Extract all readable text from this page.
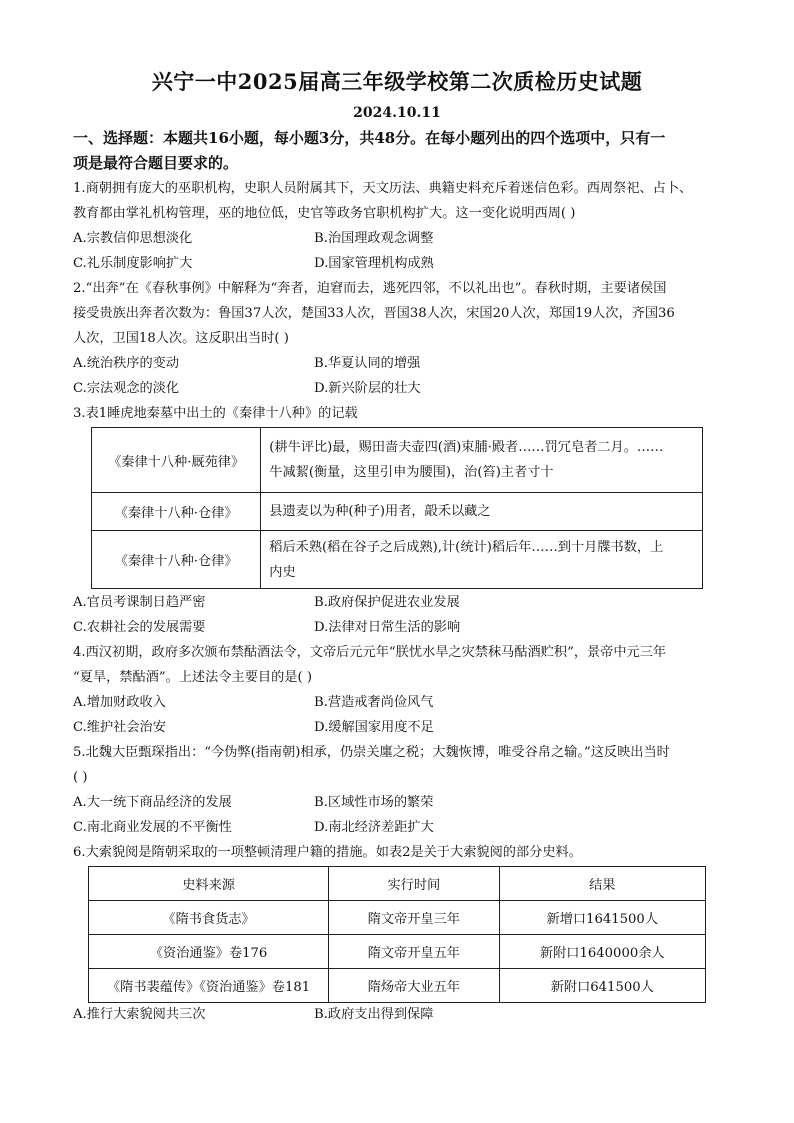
兴宁一中2025届高三年级学校第二次质检历史试题
2024.10.11
一、选择题：本题共16小题，每小题3分，共48分。在每小题列出的四个选项中，只有一
项是最符合题目要求的。
1.商朝拥有庞大的巫职机构，史职人员附属其下，天文历法、典籍史料充斥着迷信色彩。西周祭祀、占卜、
教育都由掌礼机构管理，巫的地位低，史官等政务官职机构扩大。这一变化说明西周( )
A.宗教信仰思想淡化	B.治国理政观念调整
C.礼乐制度影响扩大	D.国家管理机构成熟
2.“出奔”在《春秋事例》中解释为“奔者，迫窘而去，逃死四邻，不以礼出也”。春秋时期，主要诸侯国
接受贵族出奔者次数为：鲁国37人次，楚国33人次，晋国38人次，宋国20人次，郑国19人次，齐国36
人次，卫国18人次。这反职出当时( )
A.统治秩序的变动	B.华夏认同的增强
C.宗法观念的淡化	D.新兴阶层的壮大
3.表1睡虎地秦墓中出土的《秦律十八种》的记载
《秦律十八种·厩苑律》	(耕牛评比)最，赐田啬夫壶四(酒)束脯·殿者……罚冗皂者二月。……
牛减絜(衡量，这里引申为腰围)，治(笞)主者寸十

《秦律十八种·仓律》	县遗麦以为种(种子)用者，毃禾以藏之
《秦律十八种·仓律》	稻后禾熟(稻在谷子之后成熟),计(统计)稻后年……到十月牒书数，上
内史
A.官员考课制日趋严密	B.政府保护促进农业发展
C.农耕社会的发展需要	D.法律对日常生活的影响
4.西汉初期，政府多次颁布禁酤酒法令，文帝后元元年“朕忧水旱之灾禁秣马酤酒贮积”，景帝中元三年
“夏旱，禁酤酒”。上述法令主要目的是( )
A.增加财政收入	B.营造戒奢尚俭风气
C.维护社会治安	D.缓解国家用度不足
5.北魏大臣甄琛指出：“今伪弊(指南朝)相承，仍崇关廛之税；大魏恢博，唯受谷帛之输。”这反映出当时
( )
A.大一统下商品经济的发展	B.区域性市场的繁荣
C.南北商业发展的不平衡性	D.南北经济差距扩大
6.大索貌阅是隋朝采取的一项整顿清理户籍的措施。如表2是关于大索貌阅的部分史料。
史料来源	实行时间	结果
《隋书食货志》	隋文帝开皇三年	新增口1641500人
《资治通鉴》卷176	隋文帝开皇五年	新附口1640000余人
《隋书裴蕴传》《资治通鉴》卷181	隋炀帝大业五年	新附口641500人
A.推行大索貌阅共三次	B.政府支出得到保障
